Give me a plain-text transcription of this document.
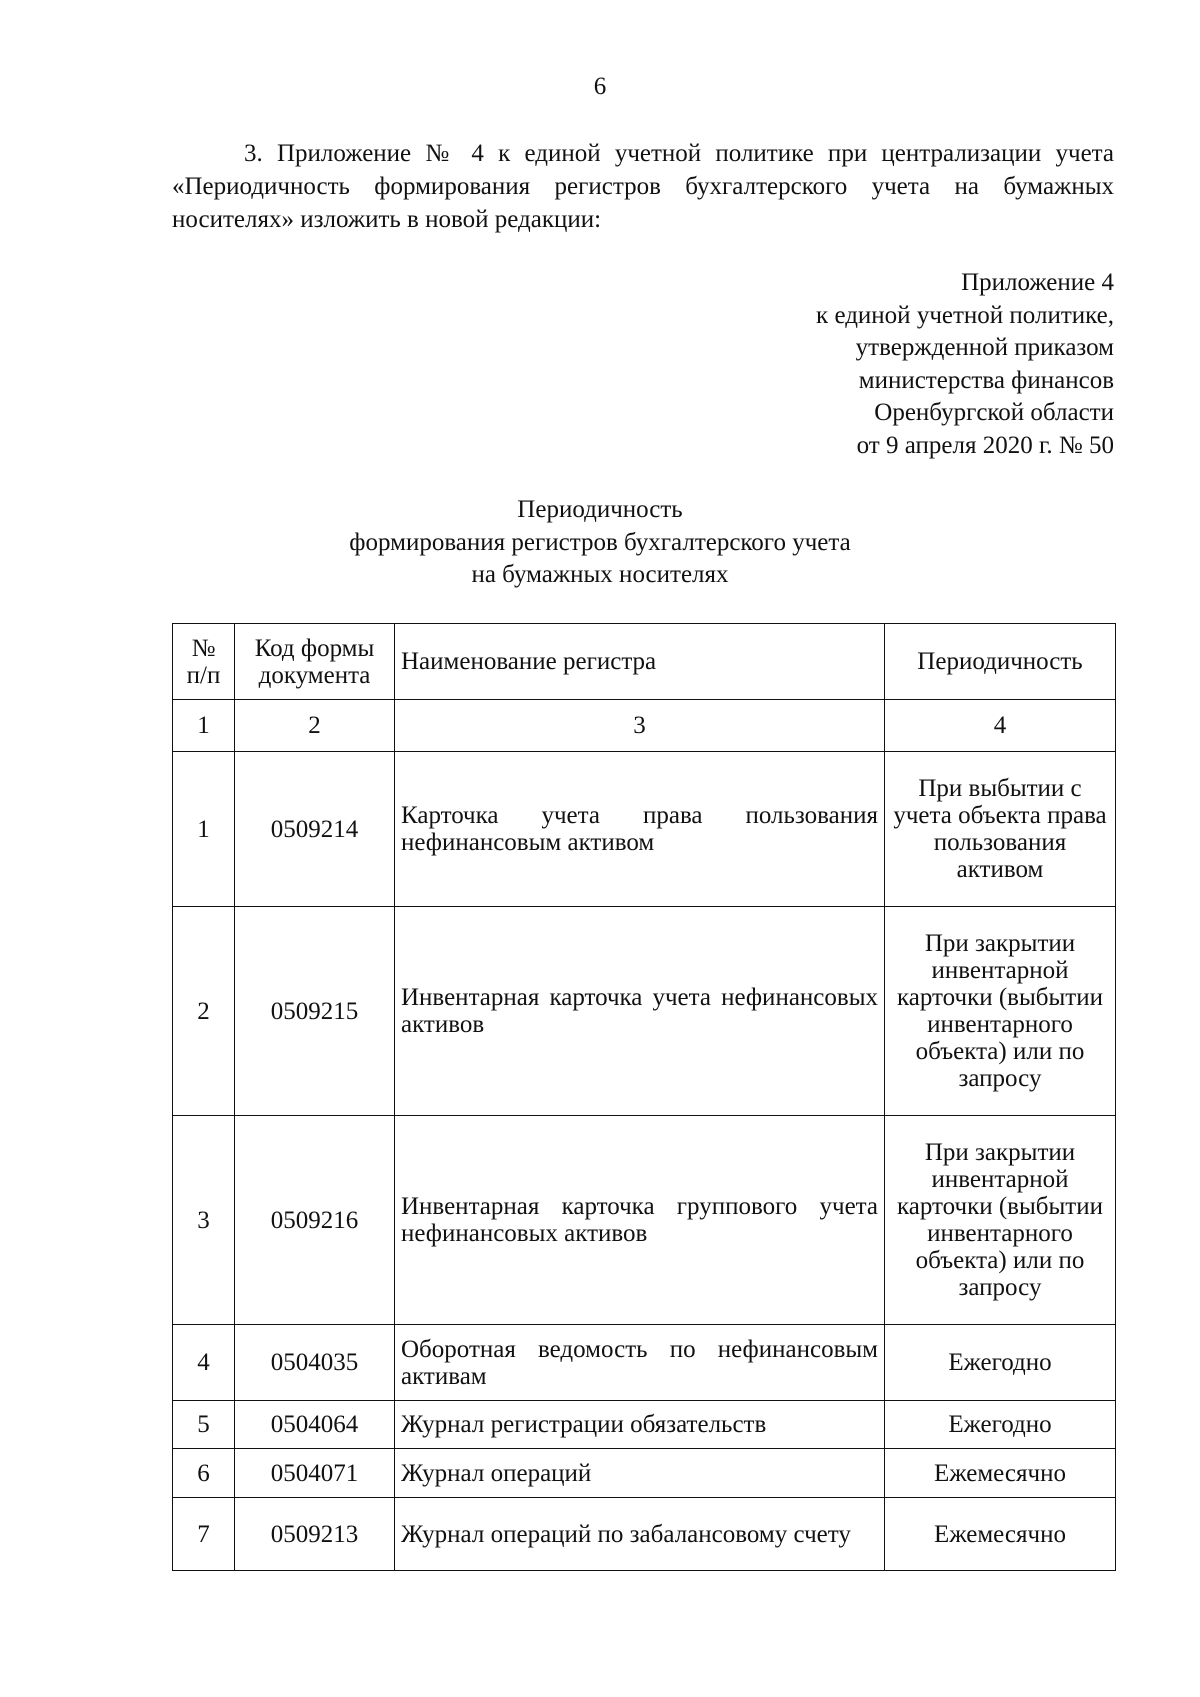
6

3. Приложение № 4 к единой учетной политике при централизации учета «Периодичность формирования регистров бухгалтерского учета на бумажных носителях» изложить в новой редакции:

Приложение 4
к единой учетной политике,
утвержденной приказом
министерства финансов
Оренбургской области
от 9 апреля 2020 г. № 50
Периодичность
формирования регистров бухгалтерского учета
на бумажных носителях
№ п/п	Код формы документа	Наименование регистра	Периодичность
1	2	3	4
1	0509214	Карточка учета права пользования нефинансовым активом	При выбытии с учета объекта права пользования активом
2	0509215	Инвентарная карточка учета нефинансовых активов	При закрытии инвентарной карточки (выбытии инвентарного объекта) или по запросу
3	0509216	Инвентарная карточка группового учета нефинансовых активов	При закрытии инвентарной карточки (выбытии инвентарного объекта) или по запросу
4	0504035	Оборотная ведомость по нефинансовым активам	Ежегодно
5	0504064	Журнал регистрации обязательств	Ежегодно
6	0504071	Журнал операций	Ежемесячно
7	0509213	Журнал операций по забалансовому счету	Ежемесячно
